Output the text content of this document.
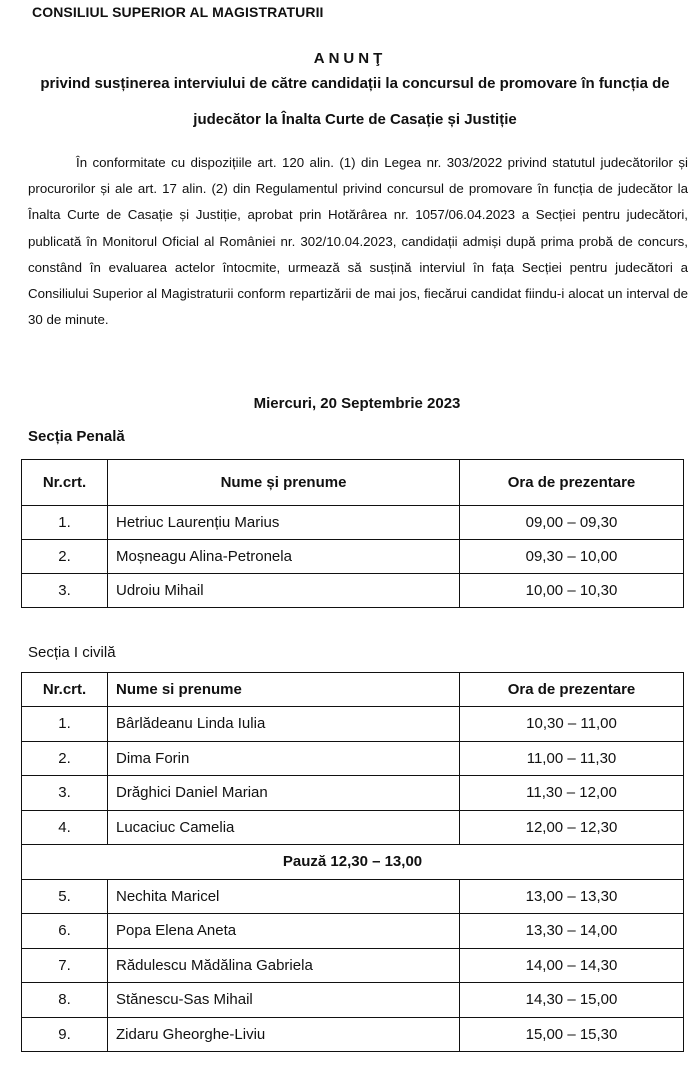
CONSILIUL SUPERIOR AL MAGISTRATURII
ANUNŢ
privind susținerea interviului de către candidații la concursul de promovare în funcția de judecător la Înalta Curte de Casație și Justiție
În conformitate cu dispozițiile art. 120 alin. (1) din Legea nr. 303/2022 privind statutul judecătorilor și procurorilor și ale art. 17 alin. (2) din Regulamentul privind concursul de promovare în funcția de judecător la Înalta Curte de Casație și Justiție, aprobat prin Hotărârea nr. 1057/06.04.2023 a Secției pentru judecători, publicată în Monitorul Oficial al României nr. 302/10.04.2023, candidații admiși după prima probă de concurs, constând în evaluarea actelor întocmite, urmează să susțină interviul în fața Secției pentru judecători a Consiliului Superior al Magistraturii conform repartizării de mai jos, fiecărui candidat fiindu-i alocat un interval de 30 de minute.
Miercuri, 20 Septembrie 2023
Secția Penală
Nr.crt.	Nume și prenume	Ora de prezentare
1.	Hetriuc Laurențiu Marius	09,00 – 09,30
2.	Moșneagu Alina-Petronela	09,30 – 10,00
3.	Udroiu Mihail	10,00 – 10,30
Secția I civilă
Nr.crt.	Nume si prenume	Ora de prezentare
1.	Bârlădeanu Linda Iulia	10,30 – 11,00
2.	Dima Forin	11,00 – 11,30
3.	Drăghici Daniel Marian	11,30 – 12,00
4.	Lucaciuc Camelia	12,00 – 12,30
Pauză 12,30 – 13,00		
5.	Nechita Maricel	13,00 – 13,30
6.	Popa Elena Aneta	13,30 – 14,00
7.	Rădulescu Mădălina Gabriela	14,00 – 14,30
8.	Stănescu-Sas Mihail	14,30 – 15,00
9.	Zidaru Gheorghe-Liviu	15,00 – 15,30
